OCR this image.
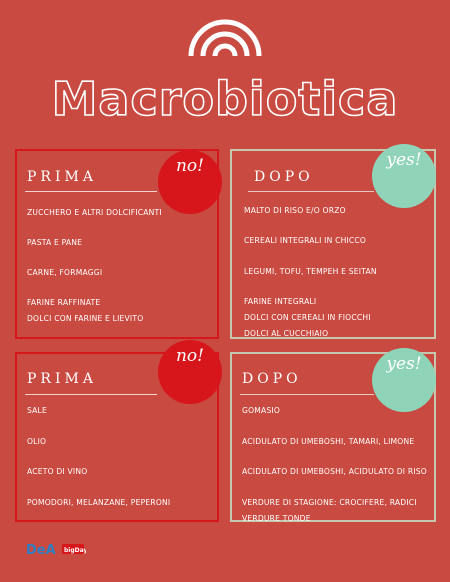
Macrobiotica
PRIMA
ZUCCHERO E ALTRI DOLCIFICANTI
PASTA E PANE
CARNE, FORMAGGI
FARINE RAFFINATE
DOLCI CON FARINE E LIEVITO
no!
DOPO
MALTO DI RISO E/O ORZO
CEREALI INTEGRALI IN CHICCO
LEGUMI, TOFU, TEMPEH E SEITAN
FARINE INTEGRALI
DOLCI CON CEREALI IN FIOCCHI
DOLCI AL CUCCHIAIO
yes!
PRIMA
SALE
OLIO
ACETO DI VINO
POMODORI, MELANZANE, PEPERONI
no!
DOPO
GOMASIO
ACIDULATO DI UMEBOSHI, TAMARI, LIMONE
ACIDULATO DI UMEBOSHI, ACIDULATO DI RISO
VERDURE DI STAGIONE: CROCIFERE, RADICI
VERDURE TONDE
yes!
DeA bigDay
